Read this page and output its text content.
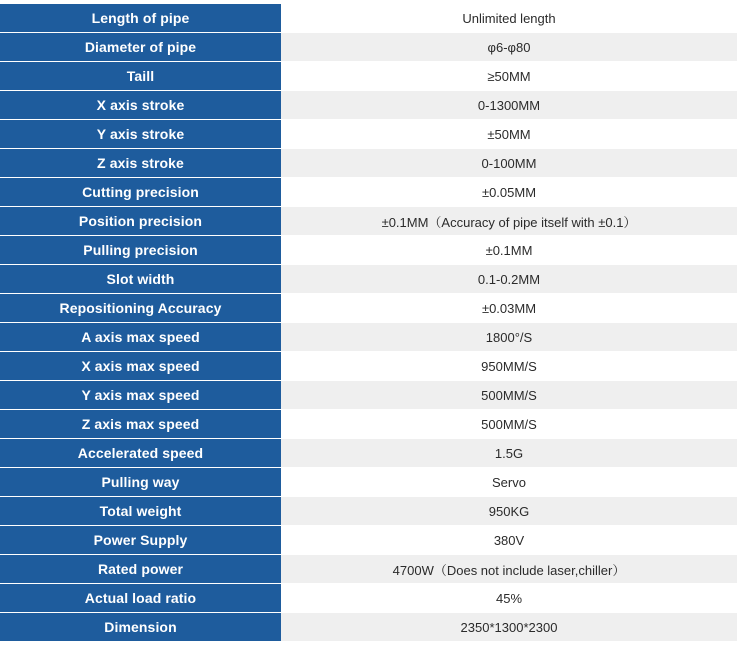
Length of pipe	Unlimited length
Diameter of pipe	φ6-φ80
Taill	≥50MM
X axis stroke	0-1300MM
Y axis stroke	±50MM
Z axis stroke	0-100MM
Cutting precision	±0.05MM
Position precision	±0.1MM（Accuracy of pipe itself with ±0.1）
Pulling precision	±0.1MM
Slot width	0.1-0.2MM
Repositioning Accuracy	±0.03MM
A axis max speed	1800°/S
X axis max speed	950MM/S
Y axis max speed	500MM/S
Z axis max speed	500MM/S
Accelerated speed	1.5G
Pulling way	Servo
Total weight	950KG
Power Supply	380V
Rated power	4700W（Does not include laser,chiller）
Actual load ratio	45%
Dimension	2350*1300*2300
